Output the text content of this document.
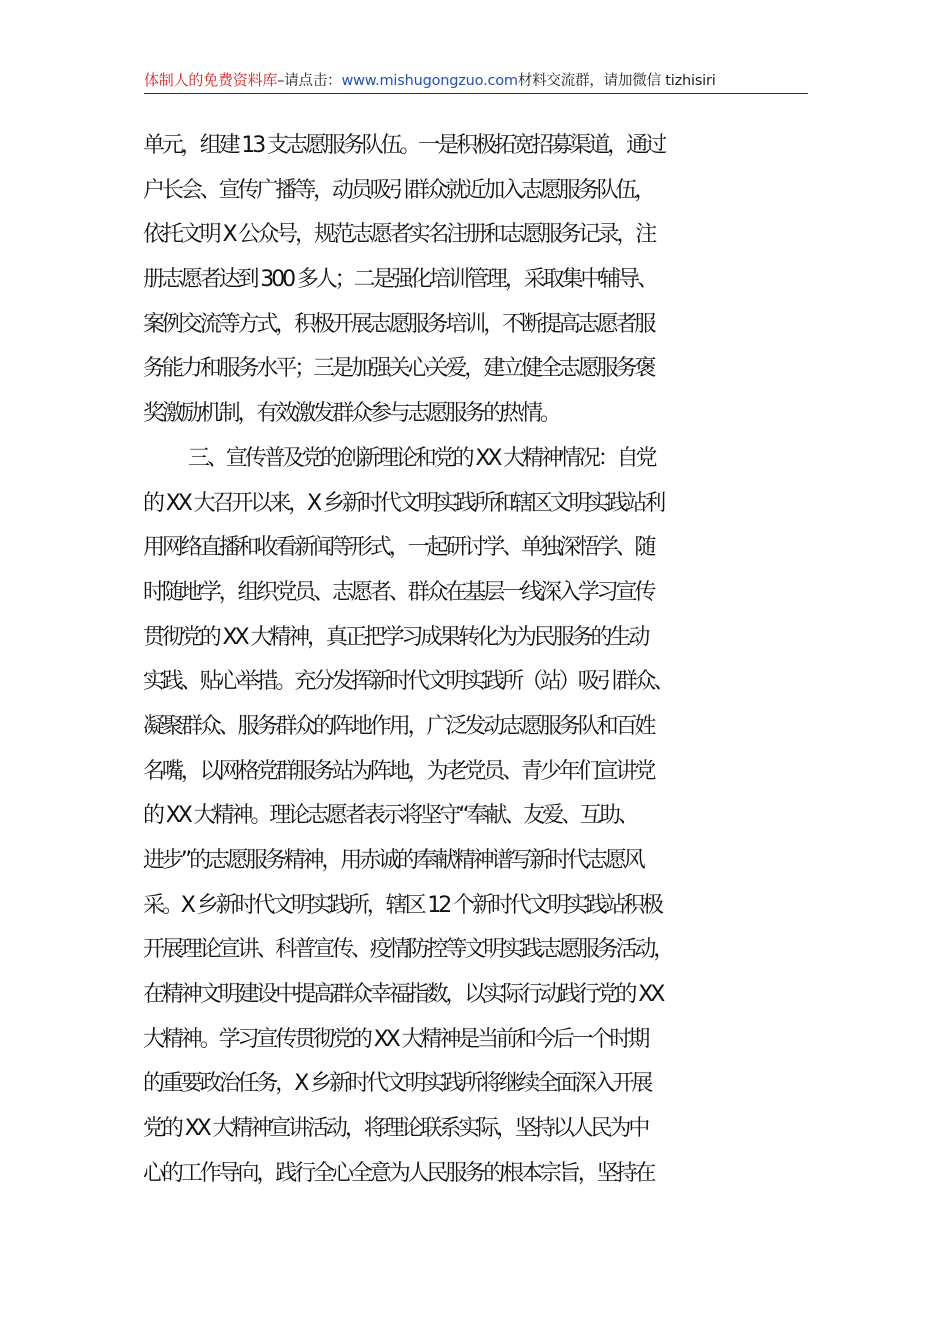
体制人的免费资料库–请点击：www.mishugongzuo.com材料交流群，请加微信 tizhisiri
单元，组建 13 支志愿服务队伍。一是积极拓宽招募渠道，通过
户长会、宣传广播等，动员吸引群众就近加入志愿服务队伍，
依托文明 X 公众号，规范志愿者实名注册和志愿服务记录，注
册志愿者达到 300 多人；二是强化培训管理，采取集中辅导、
案例交流等方式，积极开展志愿服务培训，不断提高志愿者服
务能力和服务水平；三是加强关心关爱，建立健全志愿服务褒
奖激励机制，有效激发群众参与志愿服务的热情。
三、宣传普及党的创新理论和党的 XX 大精神情况：自党
的 XX 大召开以来，X 乡新时代文明实践所和辖区文明实践站利
用网络直播和收看新闻等形式，一起研讨学、单独深悟学、随
时随地学，组织党员、志愿者、群众在基层一线深入学习宣传
贯彻党的 XX 大精神，真正把学习成果转化为为民服务的生动
实践、贴心举措。充分发挥新时代文明实践所（站）吸引群众、
凝聚群众、服务群众的阵地作用，广泛发动志愿服务队和百姓
名嘴，以网格党群服务站为阵地，为老党员、青少年们宣讲党
的 XX 大精神。理论志愿者表示将坚守“奉献、友爱、互助、
进步”的志愿服务精神，用赤诚的奉献精神谱写新时代志愿风
采。X 乡新时代文明实践所，辖区 12 个新时代文明实践站积极
开展理论宣讲、科普宣传、疫情防控等文明实践志愿服务活动，
在精神文明建设中提高群众幸福指数，以实际行动践行党的 XX
大精神。学习宣传贯彻党的 XX 大精神是当前和今后一个时期
的重要政治任务，X 乡新时代文明实践所将继续全面深入开展
党的 XX 大精神宣讲活动，将理论联系实际，坚持以人民为中
心的工作导向，践行全心全意为人民服务的根本宗旨，坚持在
